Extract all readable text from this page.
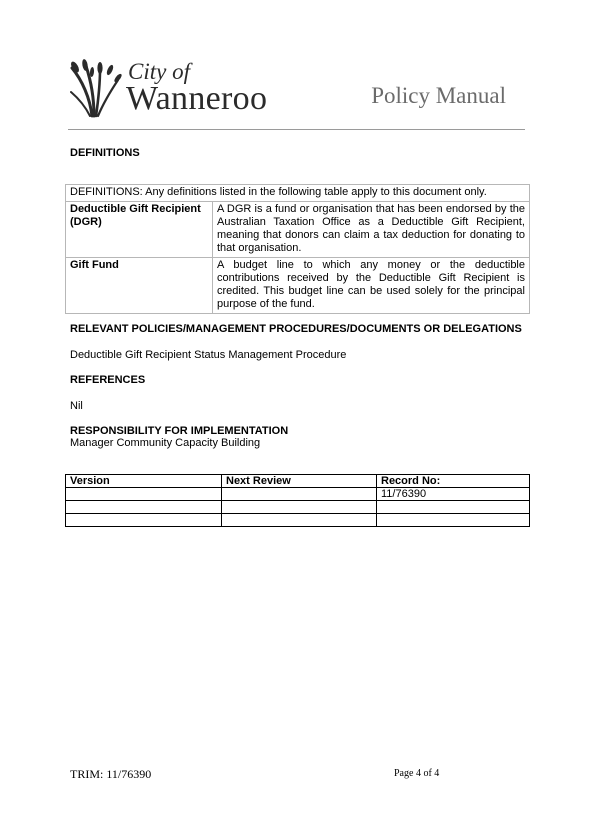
City of
Wanneroo	Policy Manual
DEFINITIONS
DEFINITIONS: Any definitions listed in the following table apply to this document only.	
Deductible Gift Recipient (DGR)	A DGR is a fund or organisation that has been endorsed by the Australian Taxation Office as a Deductible Gift Recipient, meaning that donors can claim a tax deduction for donating to that organisation.
Gift Fund	A budget line to which any money or the deductible contributions received by the Deductible Gift Recipient is credited. This budget line can be used solely for the principal purpose of the fund.
RELEVANT POLICIES/MANAGEMENT PROCEDURES/DOCUMENTS OR DELEGATIONS
Deductible Gift Recipient Status Management Procedure
REFERENCES
Nil
RESPONSIBILITY FOR IMPLEMENTATION
Manager Community Capacity Building
Version	Next Review	Record No:
		11/76390

TRIM: 11/76390	Page 4 of 4
